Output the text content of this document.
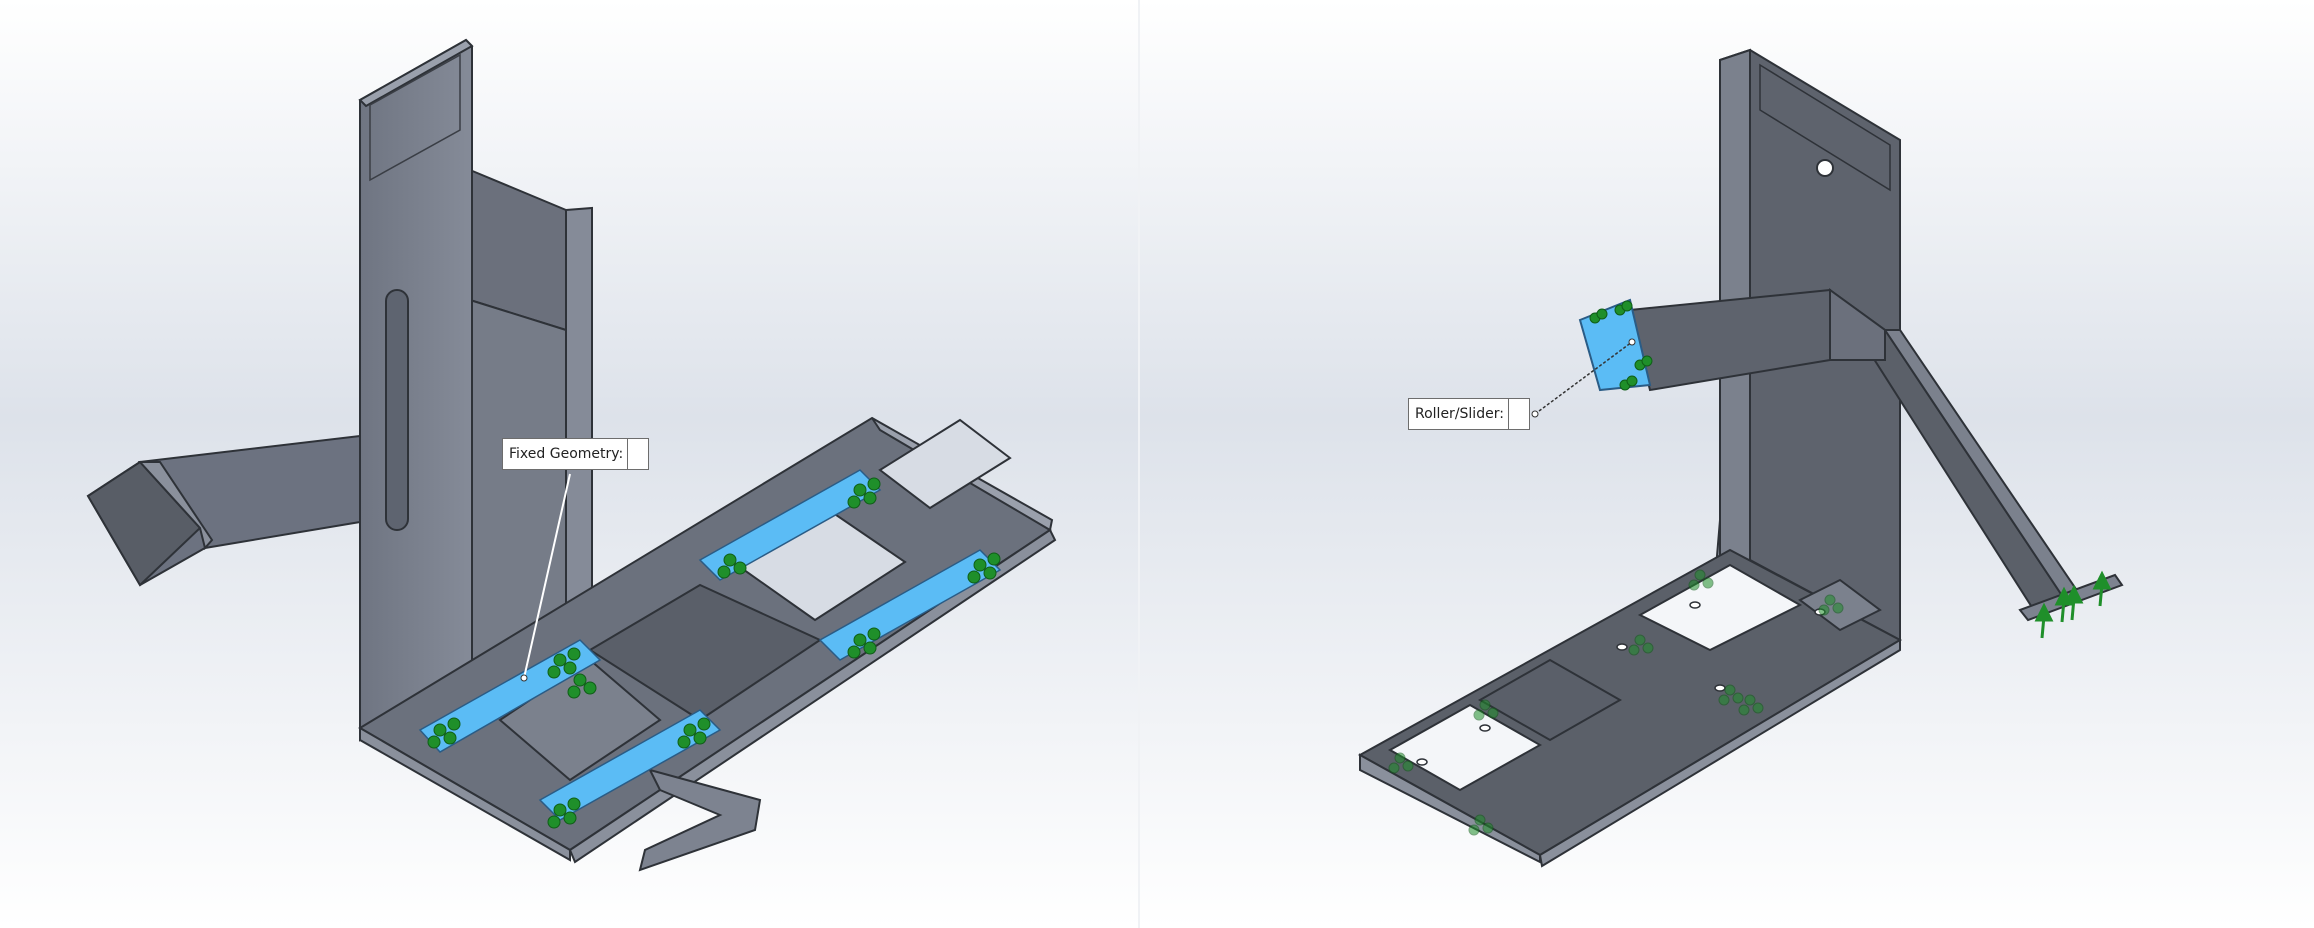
Fixed Geometry:
Roller/Slider:
